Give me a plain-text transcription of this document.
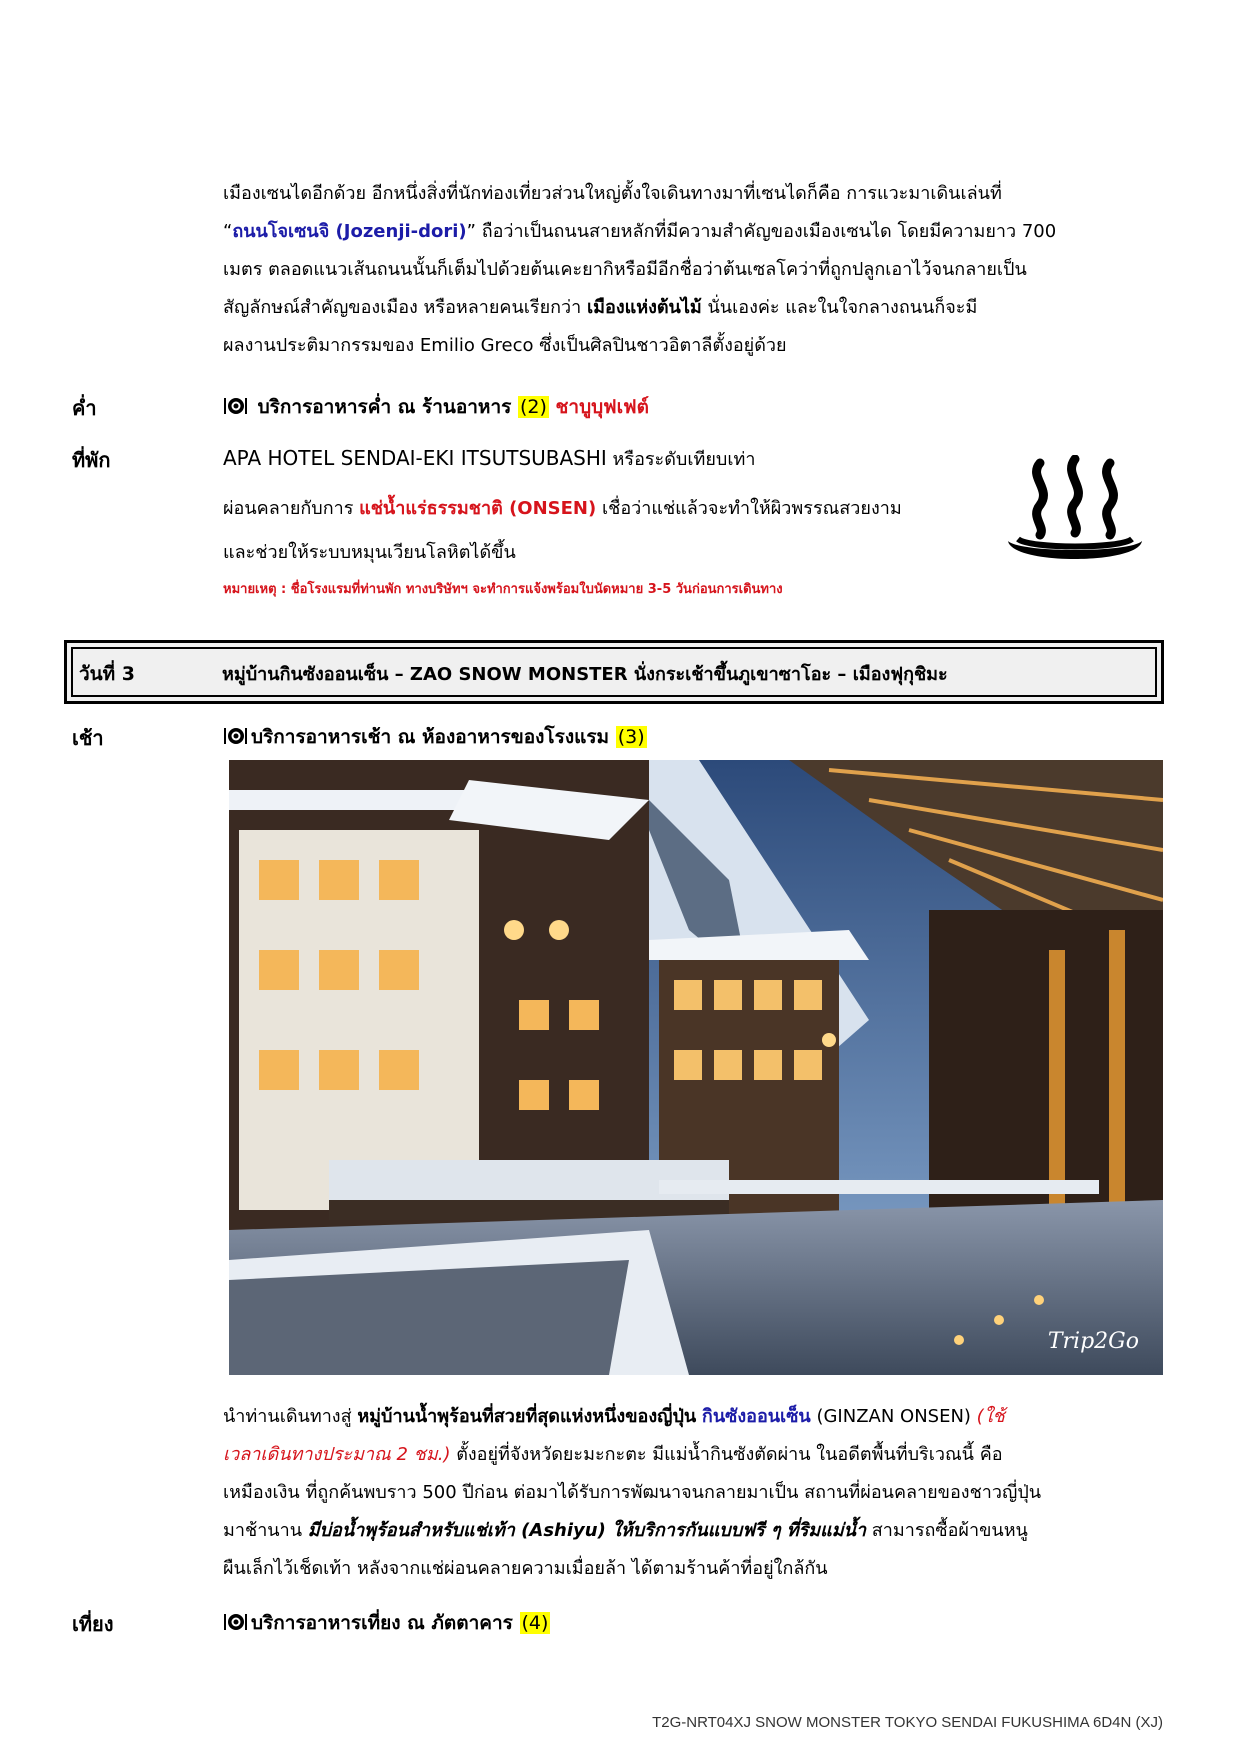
เมืองเซนไดอีกด้วย อีกหนึ่งสิ่งที่นักท่องเที่ยวส่วนใหญ่ตั้งใจเดินทางมาที่เซนไดก็คือ การแวะมาเดินเล่นที่
“ถนนโจเซนจิ (Jozenji-dori)” ถือว่าเป็นถนนสายหลักที่มีความสำคัญของเมืองเซนได โดยมีความยาว 700
เมตร ตลอดแนวเส้นถนนนั้นก็เต็มไปด้วยต้นเคะยากิหรือมีอีกชื่อว่าต้นเซลโคว่าที่ถูกปลูกเอาไว้จนกลายเป็น
สัญลักษณ์สำคัญของเมือง หรือหลายคนเรียกว่า เมืองแห่งต้นไม้ นั่นเองค่ะ และในใจกลางถนนก็จะมี
ผลงานประติมากรรมของ Emilio Greco ซึ่งเป็นศิลปินชาวอิตาลีตั้งอยู่ด้วย
ค่ำ	บริการอาหารค่ำ ณ ร้านอาหาร (2) ชาบูบุฟเฟต์
ที่พัก	APA HOTEL SENDAI-EKI ITSUTSUBASHI หรือระดับเทียบเท่า
ผ่อนคลายกับการ แช่น้ำแร่ธรรมชาติ (ONSEN) เชื่อว่าแช่แล้วจะทำให้ผิวพรรณสวยงาม
และช่วยให้ระบบหมุนเวียนโลหิตได้ขึ้น
หมายเหตุ : ชื่อโรงแรมที่ท่านพัก ทางบริษัทฯ จะทำการแจ้งพร้อมใบนัดหมาย 3-5 วันก่อนการเดินทาง
วันที่ 3	หมู่บ้านกินซังออนเซ็น – ZAO SNOW MONSTER นั่งกระเช้าขึ้นภูเขาซาโอะ – เมืองฟุกุชิมะ
เช้า	บริการอาหารเช้า ณ ห้องอาหารของโรงแรม (3)
Trip2Go
นำท่านเดินทางสู่ หมู่บ้านน้ำพุร้อนที่สวยที่สุดแห่งหนึ่งของญี่ปุ่น กินซังออนเซ็น (GINZAN ONSEN) (ใช้
เวลาเดินทางประมาณ 2 ชม.) ตั้งอยู่ที่จังหวัดยะมะกะตะ มีแม่น้ำกินซังตัดผ่าน ในอดีตพื้นที่บริเวณนี้ คือ
เหมืองเงิน ที่ถูกค้นพบราว 500 ปีก่อน ต่อมาได้รับการพัฒนาจนกลายมาเป็น สถานที่ผ่อนคลายของชาวญี่ปุ่น
มาช้านาน มีบ่อน้ำพุร้อนสำหรับแช่เท้า (Ashiyu) ให้บริการกันแบบฟรี ๆ ที่ริมแม่น้ำ สามารถซื้อผ้าขนหนู
ผืนเล็กไว้เช็ดเท้า หลังจากแช่ผ่อนคลายความเมื่อยล้า ได้ตามร้านค้าที่อยู่ใกล้กัน
เที่ยง	บริการอาหารเที่ยง ณ ภัตตาคาร (4)
T2G-NRT04XJ SNOW MONSTER TOKYO SENDAI FUKUSHIMA 6D4N (XJ)
